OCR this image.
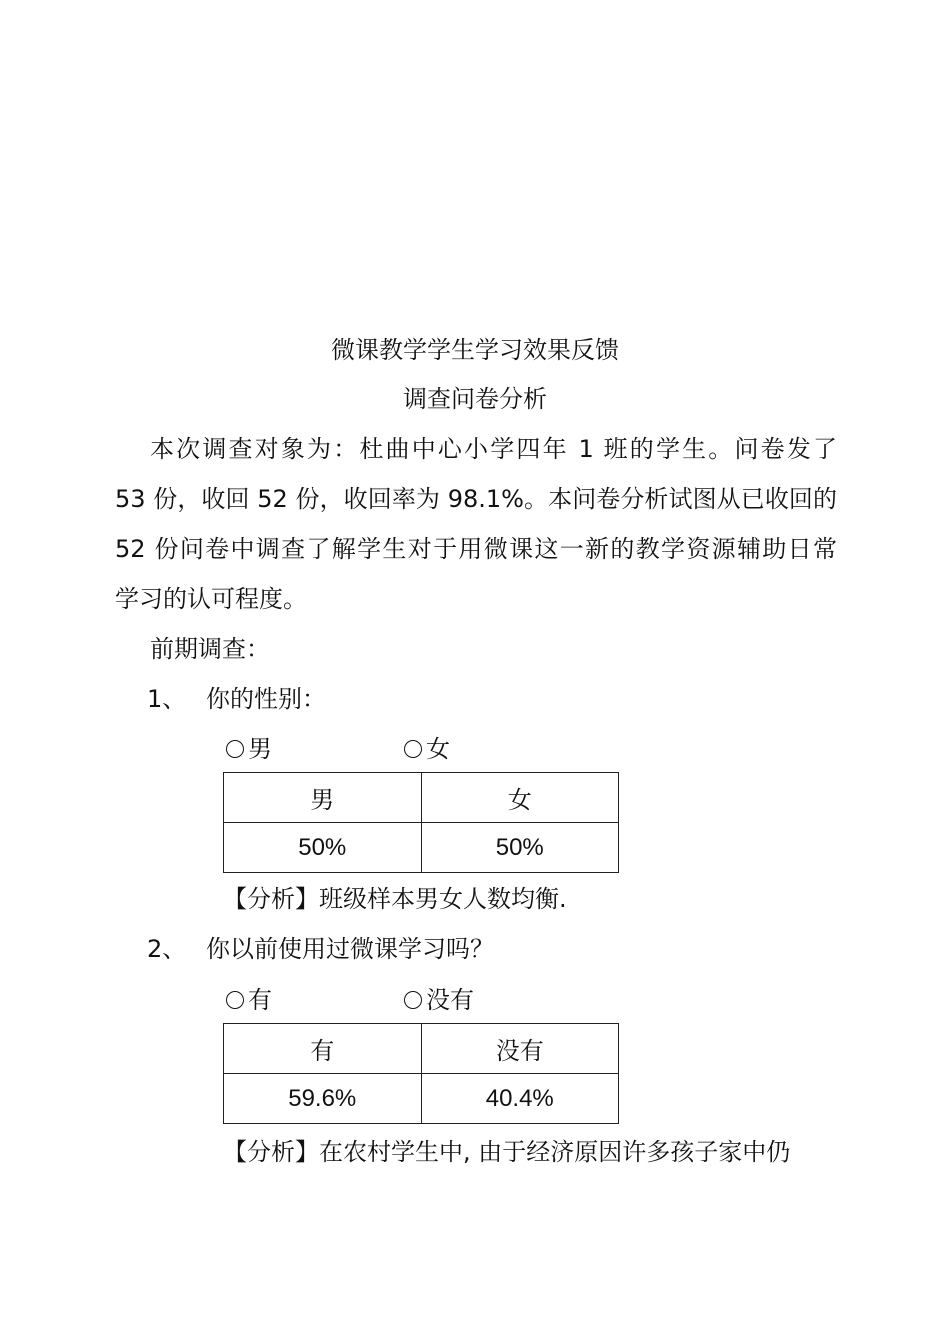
微课教学学生学习效果反馈
调查问卷分析
本次调查对象为：杜曲中心小学四年 1 班的学生。问卷发了
53 份，收回 52 份，收回率为 98.1%。本问卷分析试图从已收回的
52 份问卷中调查了解学生对于用微课这一新的教学资源辅助日常
学习的认可程度。
前期调查：
1、 你的性别：
男	女
男	女
50%	50%
【分析】班级样本男女人数均衡.
2、 你以前使用过微课学习吗？
有	没有
有	没有
59.6%	40.4%
【分析】在农村学生中, 由于经济原因许多孩子家中仍
